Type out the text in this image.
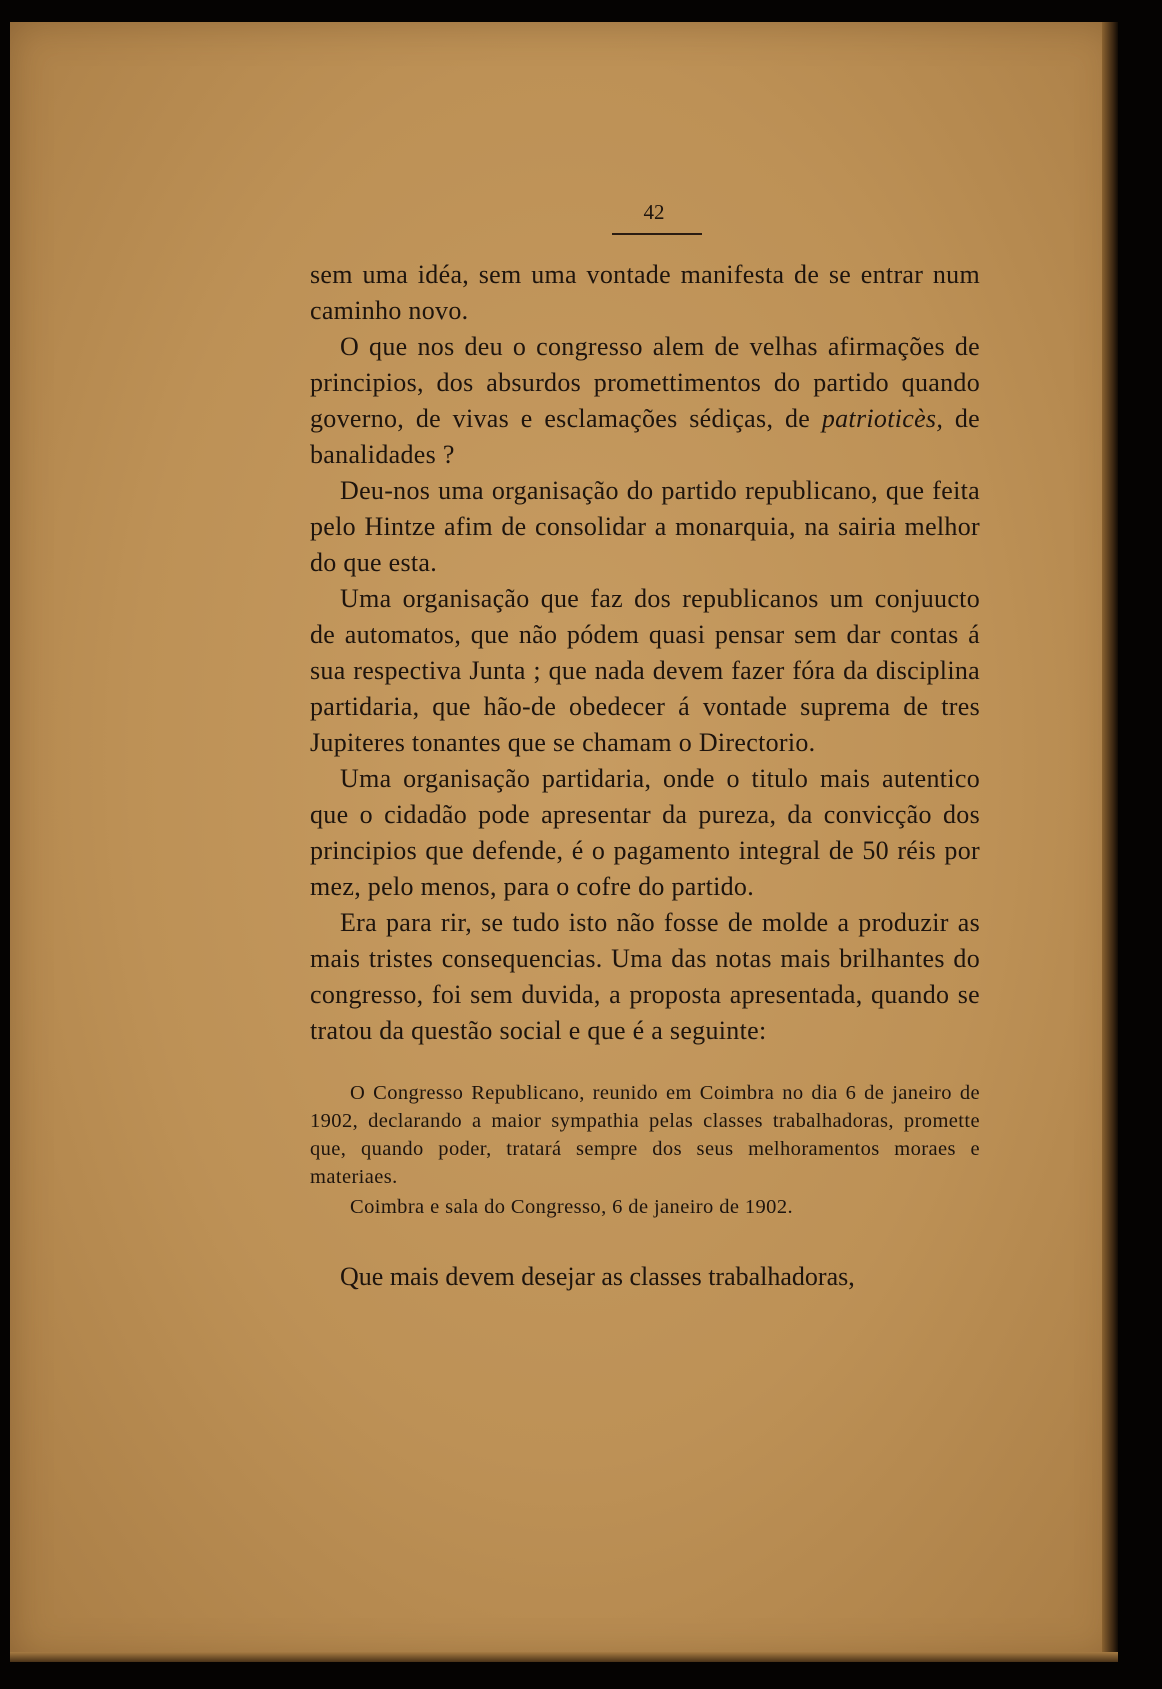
42

sem uma idéa, sem uma vontade manifesta de se entrar num caminho novo.

O que nos deu o congresso alem de velhas afirmações de principios, dos absurdos promettimentos do partido quando governo, de vivas e esclamações sédiças, de patrioticès, de banalidades ?

Deu-nos uma organisação do partido republicano, que feita pelo Hintze afim de consolidar a monarquia, na sairia melhor do que esta.

Uma organisação que faz dos republicanos um conjuucto de automatos, que não pódem quasi pensar sem dar contas á sua respectiva Junta ; que nada devem fazer fóra da disciplina partidaria, que hão-de obedecer á vontade suprema de tres Jupiteres tonantes que se chamam o Directorio.

Uma organisação partidaria, onde o titulo mais autentico que o cidadão pode apresentar da pureza, da convicção dos principios que defende, é o pagamento integral de 50 réis por mez, pelo menos, para o cofre do partido.

Era para rir, se tudo isto não fosse de molde a produzir as mais tristes consequencias. Uma das notas mais brilhantes do congresso, foi sem duvida, a proposta apresentada, quando se tratou da questão social e que é a seguinte:

O Congresso Republicano, reunido em Coimbra no dia 6 de janeiro de 1902, declarando a maior sympathia pelas classes trabalhadoras, promette que, quando poder, tratará sempre dos seus melhoramentos moraes e materiaes.
Coimbra e sala do Congresso, 6 de janeiro de 1902.

Que mais devem desejar as classes trabalhadoras,
